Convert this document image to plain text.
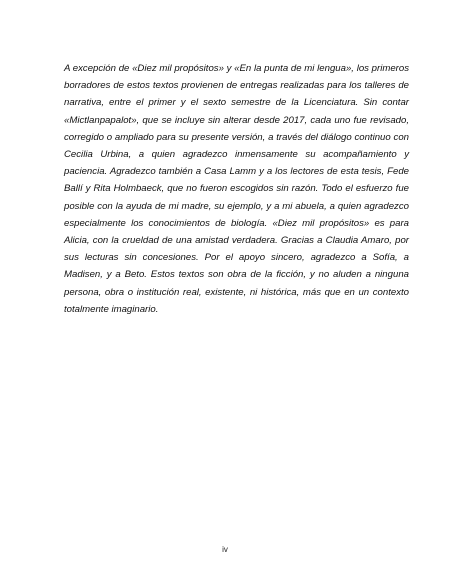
A excepción de «Diez mil propósitos» y «En la punta de mi lengua», los primeros borradores de estos textos provienen de entregas realizadas para los talleres de narrativa, entre el primer y el sexto semestre de la Licenciatura. Sin contar «Mictlanpapalot», que se incluye sin alterar desde 2017, cada uno fue revisado, corregido o ampliado para su presente versión, a través del diálogo continuo con Cecilia Urbina, a quien agradezco inmensamente su acompañamiento y paciencia. Agradezco también a Casa Lamm y a los lectores de esta tesis, Fede Ballí y Rita Holmbaeck, que no fueron escogidos sin razón. Todo el esfuerzo fue posible con la ayuda de mi madre, su ejemplo, y a mi abuela, a quien agradezco especialmente los conocimientos de biología. «Diez mil propósitos» es para Alicia, con la crueldad de una amistad verdadera. Gracias a Claudia Amaro, por sus lecturas sin concesiones. Por el apoyo sincero, agradezco a Sofía, a Madisen, y a Beto. Estos textos son obra de la ficción, y no aluden a ninguna persona, obra o institución real, existente, ni histórica, más que en un contexto totalmente imaginario.

iv
